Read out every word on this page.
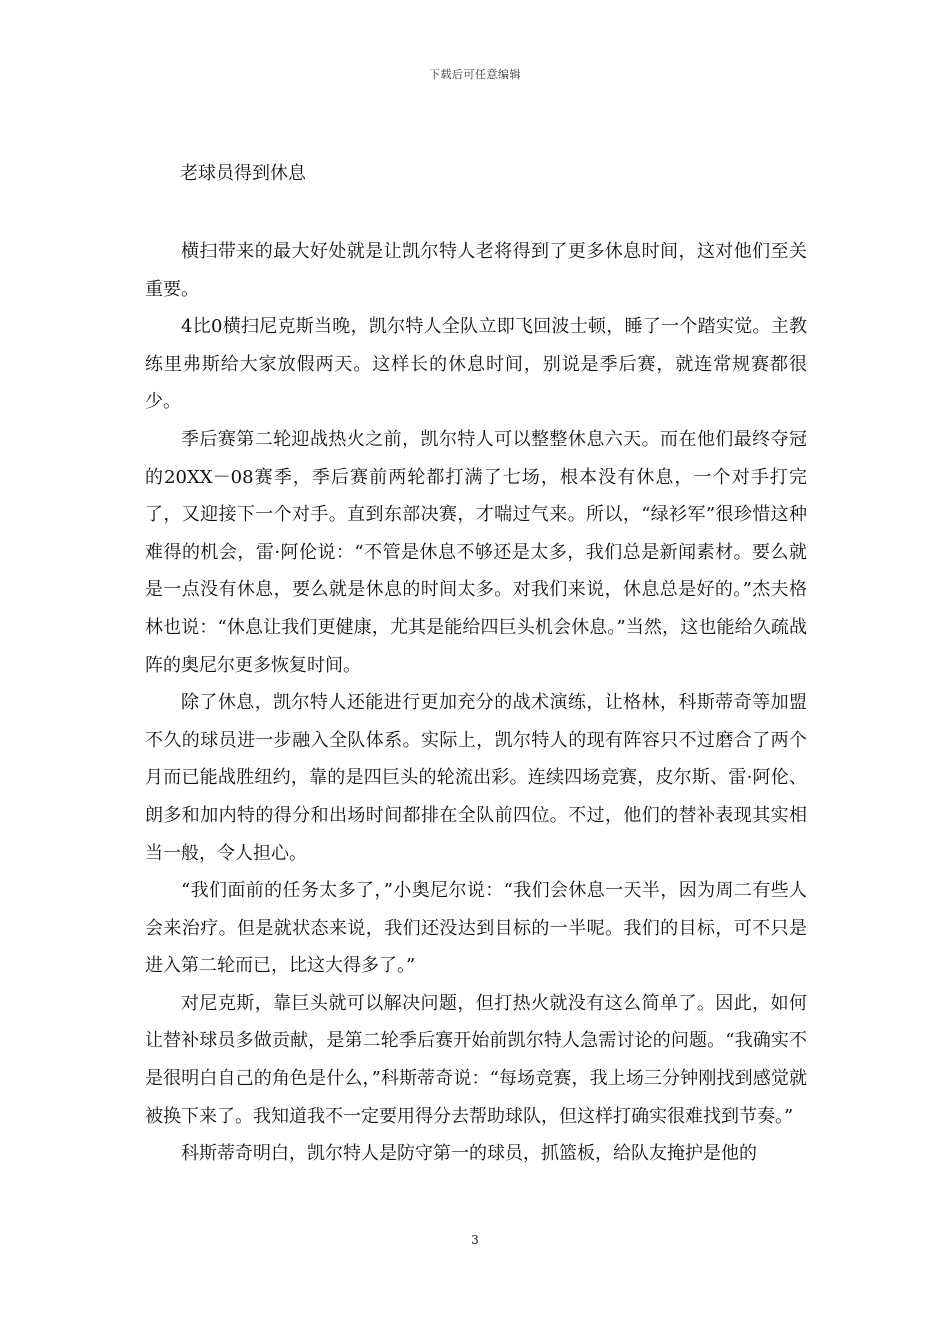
下载后可任意编辑
老球员得到休息

横扫带来的最大好处就是让凯尔特人老将得到了更多休息时间，这对他们至关重要。

4比0横扫尼克斯当晚，凯尔特人全队立即飞回波士顿，睡了一个踏实觉。主教练里弗斯给大家放假两天。这样长的休息时间，别说是季后赛，就连常规赛都很少。

季后赛第二轮迎战热火之前，凯尔特人可以整整休息六天。而在他们最终夺冠的20XX－08赛季，季后赛前两轮都打满了七场，根本没有休息，一个对手打完了，又迎接下一个对手。直到东部决赛，才喘过气来。所以，“绿衫军”很珍惜这种难得的机会，雷·阿伦说：“不管是休息不够还是太多，我们总是新闻素材。要么就是一点没有休息，要么就是休息的时间太多。对我们来说，休息总是好的。”杰夫格林也说：“休息让我们更健康，尤其是能给四巨头机会休息。”当然，这也能给久疏战阵的奥尼尔更多恢复时间。

除了休息，凯尔特人还能进行更加充分的战术演练，让格林，科斯蒂奇等加盟不久的球员进一步融入全队体系。实际上，凯尔特人的现有阵容只不过磨合了两个月而已能战胜纽约，靠的是四巨头的轮流出彩。连续四场竞赛，皮尔斯、雷·阿伦、朗多和加内特的得分和出场时间都排在全队前四位。不过，他们的替补表现其实相当一般，令人担心。

“我们面前的任务太多了，”小奥尼尔说：“我们会休息一天半，因为周二有些人会来治疗。但是就状态来说，我们还没达到目标的一半呢。我们的目标，可不只是进入第二轮而已，比这大得多了。”

对尼克斯，靠巨头就可以解决问题，但打热火就没有这么简单了。因此，如何让替补球员多做贡献，是第二轮季后赛开始前凯尔特人急需讨论的问题。“我确实不是很明白自己的角色是什么，”科斯蒂奇说：“每场竞赛，我上场三分钟刚找到感觉就被换下来了。我知道我不一定要用得分去帮助球队，但这样打确实很难找到节奏。”

科斯蒂奇明白，凯尔特人是防守第一的球员，抓篮板，给队友掩护是他的

3
